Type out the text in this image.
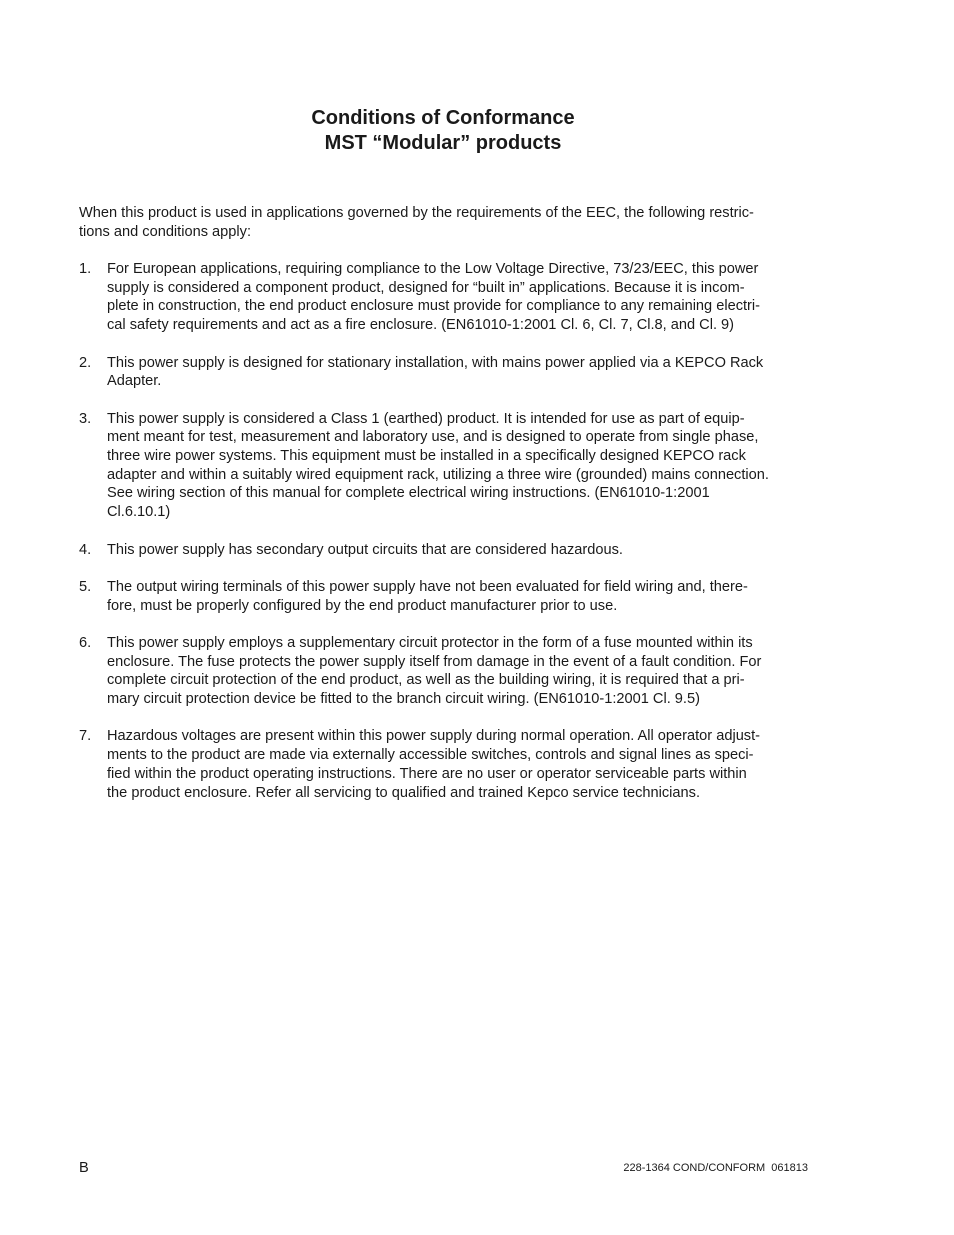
Conditions of Conformance
MST “Modular” products

When this product is used in applications governed by the requirements of the EEC, the following restric-
tions and conditions apply:

1. For European applications, requiring compliance to the Low Voltage Directive, 73/23/EEC, this power
supply is considered a component product, designed for “built in” applications. Because it is incom-
plete in construction, the end product enclosure must provide for compliance to any remaining electri-
cal safety requirements and act as a fire enclosure. (EN61010-1:2001 Cl. 6, Cl. 7, Cl.8, and Cl. 9)
2. This power supply is designed for stationary installation, with mains power applied via a KEPCO Rack
Adapter.
3. This power supply is considered a Class 1 (earthed) product. It is intended for use as part of equip-
ment meant for test, measurement and laboratory use, and is designed to operate from single phase,
three wire power systems. This equipment must be installed in a specifically designed KEPCO rack
adapter and within a suitably wired equipment rack, utilizing a three wire (grounded) mains connection.
See wiring section of this manual for complete electrical wiring instructions. (EN61010-1:2001
Cl.6.10.1)
4. This power supply has secondary output circuits that are considered hazardous.
5. The output wiring terminals of this power supply have not been evaluated for field wiring and, there-
fore, must be properly configured by the end product manufacturer prior to use.
6. This power supply employs a supplementary circuit protector in the form of a fuse mounted within its
enclosure. The fuse protects the power supply itself from damage in the event of a fault condition. For
complete circuit protection of the end product, as well as the building wiring, it is required that a pri-
mary circuit protection device be fitted to the branch circuit wiring. (EN61010-1:2001 Cl. 9.5)
7. Hazardous voltages are present within this power supply during normal operation. All operator adjust-
ments to the product are made via externally accessible switches, controls and signal lines as speci-
fied within the product operating instructions. There are no user or operator serviceable parts within
the product enclosure. Refer all servicing to qualified and trained Kepco service technicians.
B	228-1364 COND/CONFORM  061813
